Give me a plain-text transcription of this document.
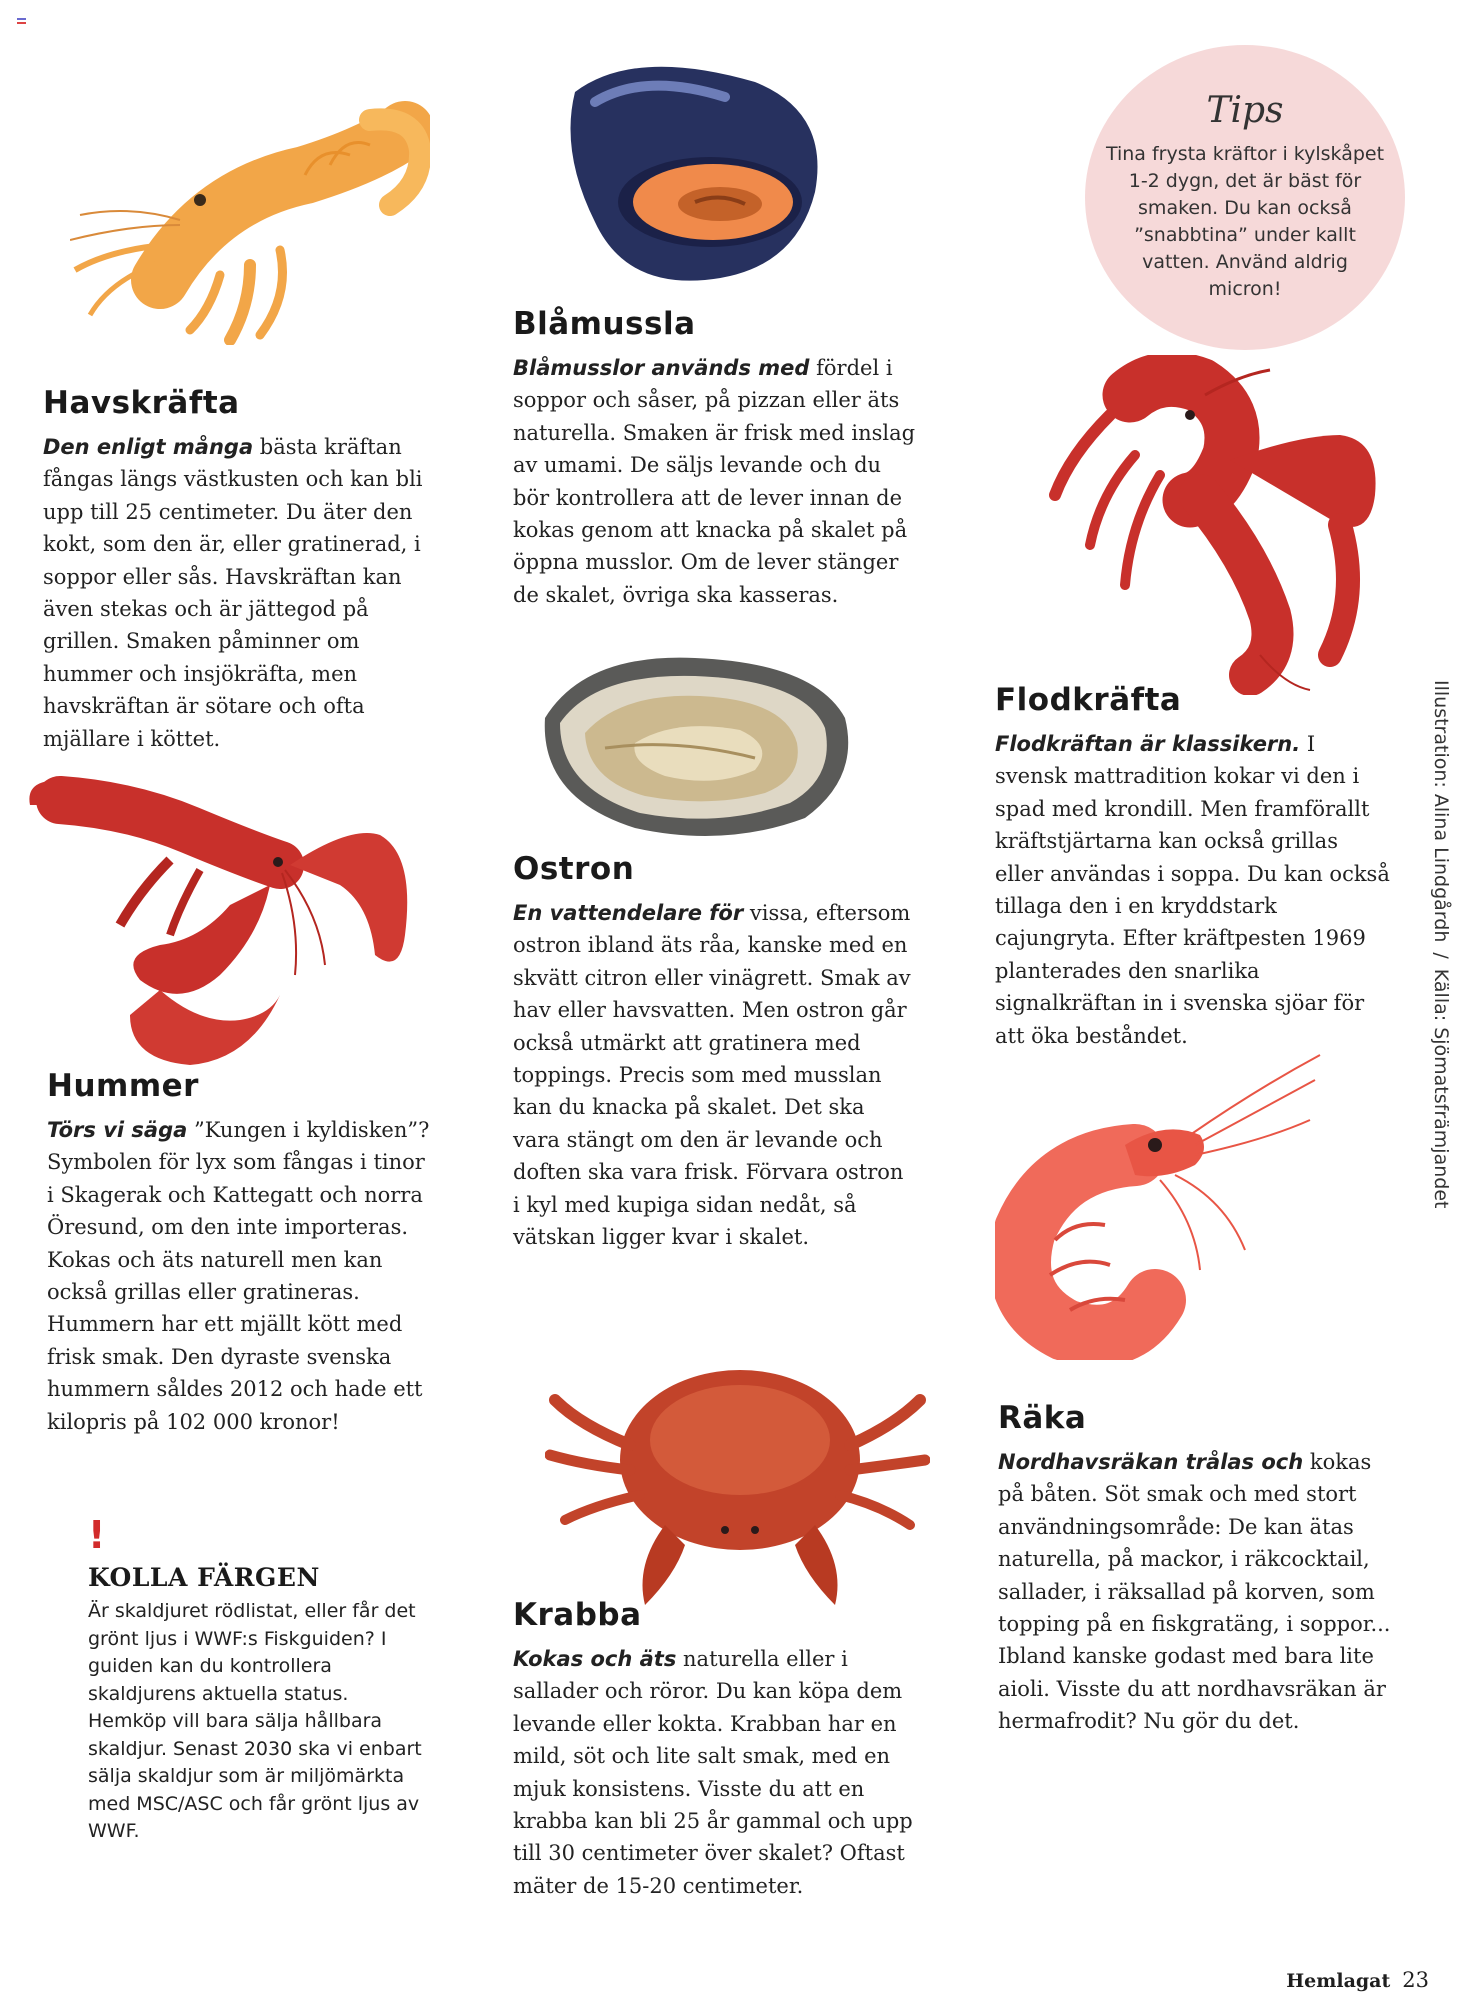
Tips
Tina frysta kräftor i kylskåpet 1-2 dygn, det är bäst för smaken. Du kan också ”snabbtina” under kallt vatten. Använd aldrig micron!
Havskräfta

Den enligt många bästa kräftan fångas längs västkusten och kan bli upp till 25 centimeter. Du äter den kokt, som den är, eller gratinerad, i soppor eller sås. Havskräftan kan även stekas och är jättegod på grillen. Smaken påminner om hummer och insjökräfta, men havskräftan är sötare och ofta mjällare i köttet.

Blåmussla

Blåmusslor används med fördel i soppor och såser, på pizzan eller äts naturella. Smaken är frisk med inslag av umami. De säljs levande och du bör kontrollera att de lever innan de kokas genom att knacka på skalet på öppna musslor. Om de lever stänger de skalet, övriga ska kasseras.

Hummer

Törs vi säga ”Kungen i kyldisken”? Symbolen för lyx som fångas i tinor i Skagerak och Kattegatt och norra Öresund, om den inte importeras. Kokas och äts naturell men kan också grillas eller gratineras. Hummern har ett mjällt kött med frisk smak. Den dyraste svenska hummern såldes 2012 och hade ett kilopris på 102 000 kronor!

Ostron

En vattendelare för vissa, eftersom ostron ibland äts råa, kanske med en skvätt citron eller vinägrett. Smak av hav eller havsvatten. Men ostron går också utmärkt att gratinera med toppings. Precis som med musslan kan du knacka på skalet. Det ska vara stängt om den är levande och doften ska vara frisk. Förvara ostron i kyl med kupiga sidan nedåt, så vätskan ligger kvar i skalet.

Flodkräfta

Flodkräftan är klassikern. I svensk mattradition kokar vi den i spad med krondill. Men framförallt kräftstjärtarna kan också grillas eller användas i soppa. Du kan också tillaga den i en kryddstark cajungryta. Efter kräftpesten 1969 planterades den snarlika signalkräftan in i svenska sjöar för att öka beståndet.

Räka

Nordhavsräkan trålas och kokas på båten. Söt smak och med stort användningsområde: De kan ätas naturella, på mackor, i räkcocktail, sallader, i räksallad på korven, som topping på en fiskgratäng, i soppor... Ibland kanske godast med bara lite aioli. Visste du att nordhavsräkan är hermafrodit? Nu gör du det.

Krabba

Kokas och äts naturella eller i sallader och röror. Du kan köpa dem levande eller kokta. Krabban har en mild, söt och lite salt smak, med en mjuk konsistens. Visste du att en krabba kan bli 25 år gammal och upp till 30 centimeter över skalet? Oftast mäter de 15-20 centimeter.

!
KOLLA FÄRGEN
Är skaldjuret rödlistat, eller får det grönt ljus i WWF:s Fiskguiden? I guiden kan du kontrollera skaldjurens aktuella status. Hemköp vill bara sälja hållbara skaldjur. Senast 2030 ska vi enbart sälja skaldjur som är miljömärkta med MSC/ASC och får grönt ljus av WWF.
Illustration: Alina Lindgårdh/Källa: Sjömatsfrämjandet
Hemlagat 23
